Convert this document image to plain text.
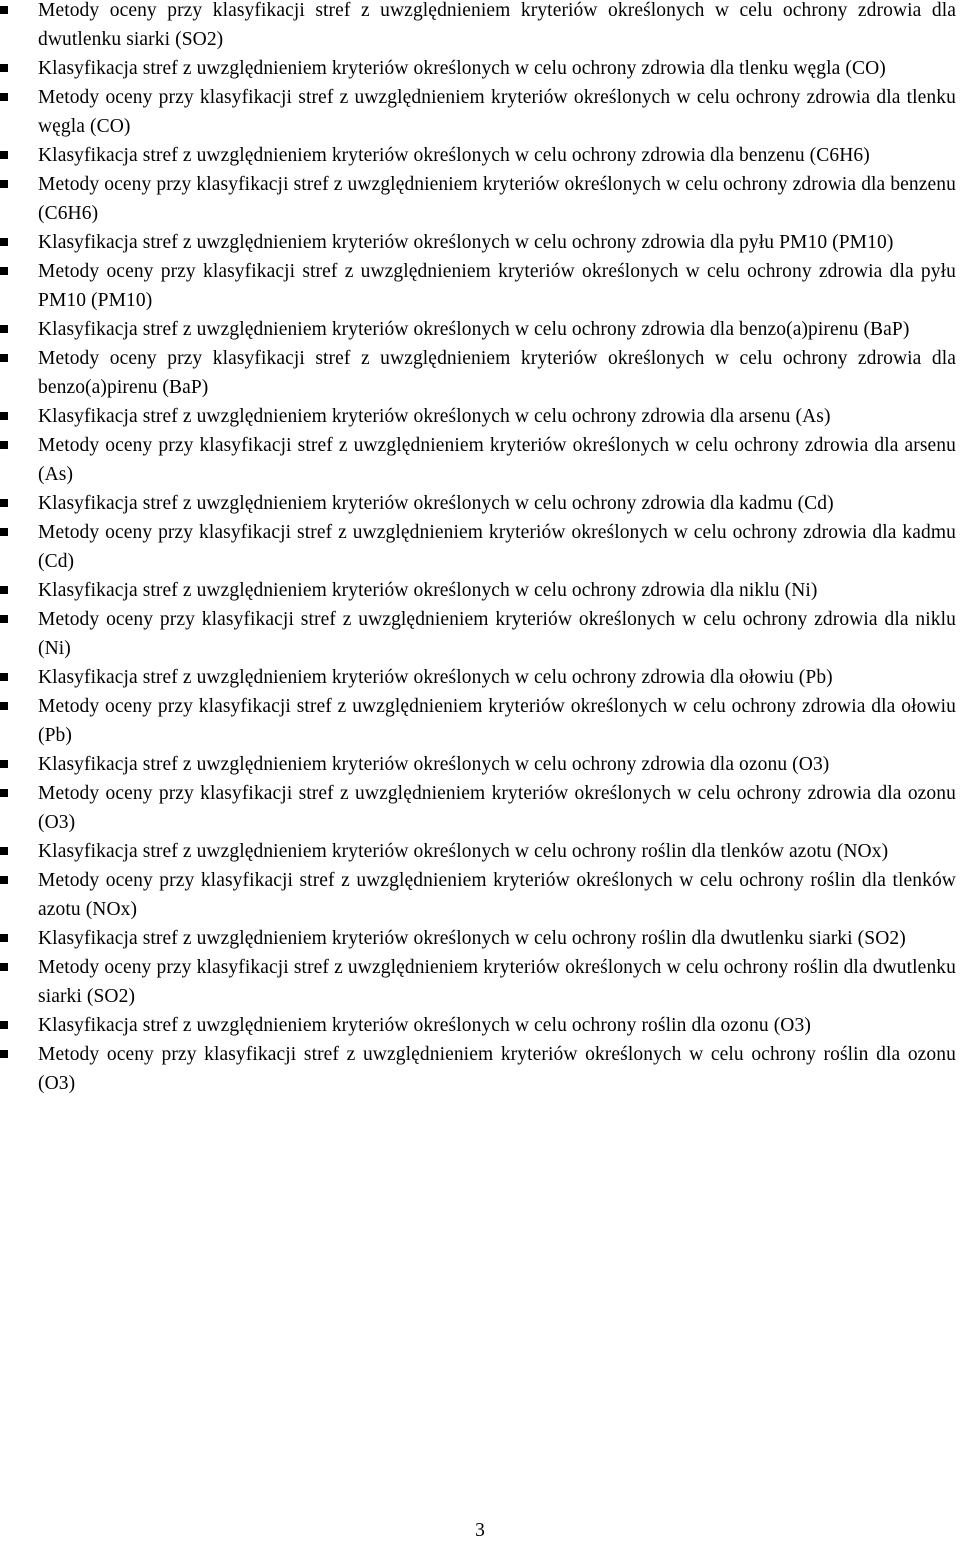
Metody oceny przy klasyfikacji stref z uwzględnieniem kryteriów określonych w celu ochrony zdrowia dla dwutlenku siarki (SO2)
Klasyfikacja stref z uwzględnieniem kryteriów określonych w celu ochrony zdrowia dla tlenku węgla (CO)
Metody oceny przy klasyfikacji stref z uwzględnieniem kryteriów określonych w celu ochrony zdrowia dla tlenku węgla (CO)
Klasyfikacja stref z uwzględnieniem kryteriów określonych w celu ochrony zdrowia dla benzenu (C6H6)
Metody oceny przy klasyfikacji stref z uwzględnieniem kryteriów określonych w celu ochrony zdrowia dla benzenu (C6H6)
Klasyfikacja stref z uwzględnieniem kryteriów określonych w celu ochrony zdrowia dla pyłu PM10 (PM10)
Metody oceny przy klasyfikacji stref z uwzględnieniem kryteriów określonych w celu ochrony zdrowia dla pyłu PM10 (PM10)
Klasyfikacja stref z uwzględnieniem kryteriów określonych w celu ochrony zdrowia dla benzo(a)pirenu (BaP)
Metody oceny przy klasyfikacji stref z uwzględnieniem kryteriów określonych w celu ochrony zdrowia dla benzo(a)pirenu (BaP)
Klasyfikacja stref z uwzględnieniem kryteriów określonych w celu ochrony zdrowia dla arsenu (As)
Metody oceny przy klasyfikacji stref z uwzględnieniem kryteriów określonych w celu ochrony zdrowia dla arsenu (As)
Klasyfikacja stref z uwzględnieniem kryteriów określonych w celu ochrony zdrowia dla kadmu (Cd)
Metody oceny przy klasyfikacji stref z uwzględnieniem kryteriów określonych w celu ochrony zdrowia dla kadmu (Cd)
Klasyfikacja stref z uwzględnieniem kryteriów określonych w celu ochrony zdrowia dla niklu (Ni)
Metody oceny przy klasyfikacji stref z uwzględnieniem kryteriów określonych w celu ochrony zdrowia dla niklu (Ni)
Klasyfikacja stref z uwzględnieniem kryteriów określonych w celu ochrony zdrowia dla ołowiu (Pb)
Metody oceny przy klasyfikacji stref z uwzględnieniem kryteriów określonych w celu ochrony zdrowia dla ołowiu (Pb)
Klasyfikacja stref z uwzględnieniem kryteriów określonych w celu ochrony zdrowia dla ozonu (O3)
Metody oceny przy klasyfikacji stref z uwzględnieniem kryteriów określonych w celu ochrony zdrowia dla ozonu (O3)
Klasyfikacja stref z uwzględnieniem kryteriów określonych w celu ochrony roślin dla tlenków azotu (NOx)
Metody oceny przy klasyfikacji stref z uwzględnieniem kryteriów określonych w celu ochrony roślin dla tlenków azotu (NOx)
Klasyfikacja stref z uwzględnieniem kryteriów określonych w celu ochrony roślin dla dwutlenku siarki (SO2)
Metody oceny przy klasyfikacji stref z uwzględnieniem kryteriów określonych w celu ochrony roślin dla dwutlenku siarki (SO2)
Klasyfikacja stref z uwzględnieniem kryteriów określonych w celu ochrony roślin dla ozonu (O3)
Metody oceny przy klasyfikacji stref z uwzględnieniem kryteriów określonych w celu ochrony roślin dla ozonu (O3)
3
